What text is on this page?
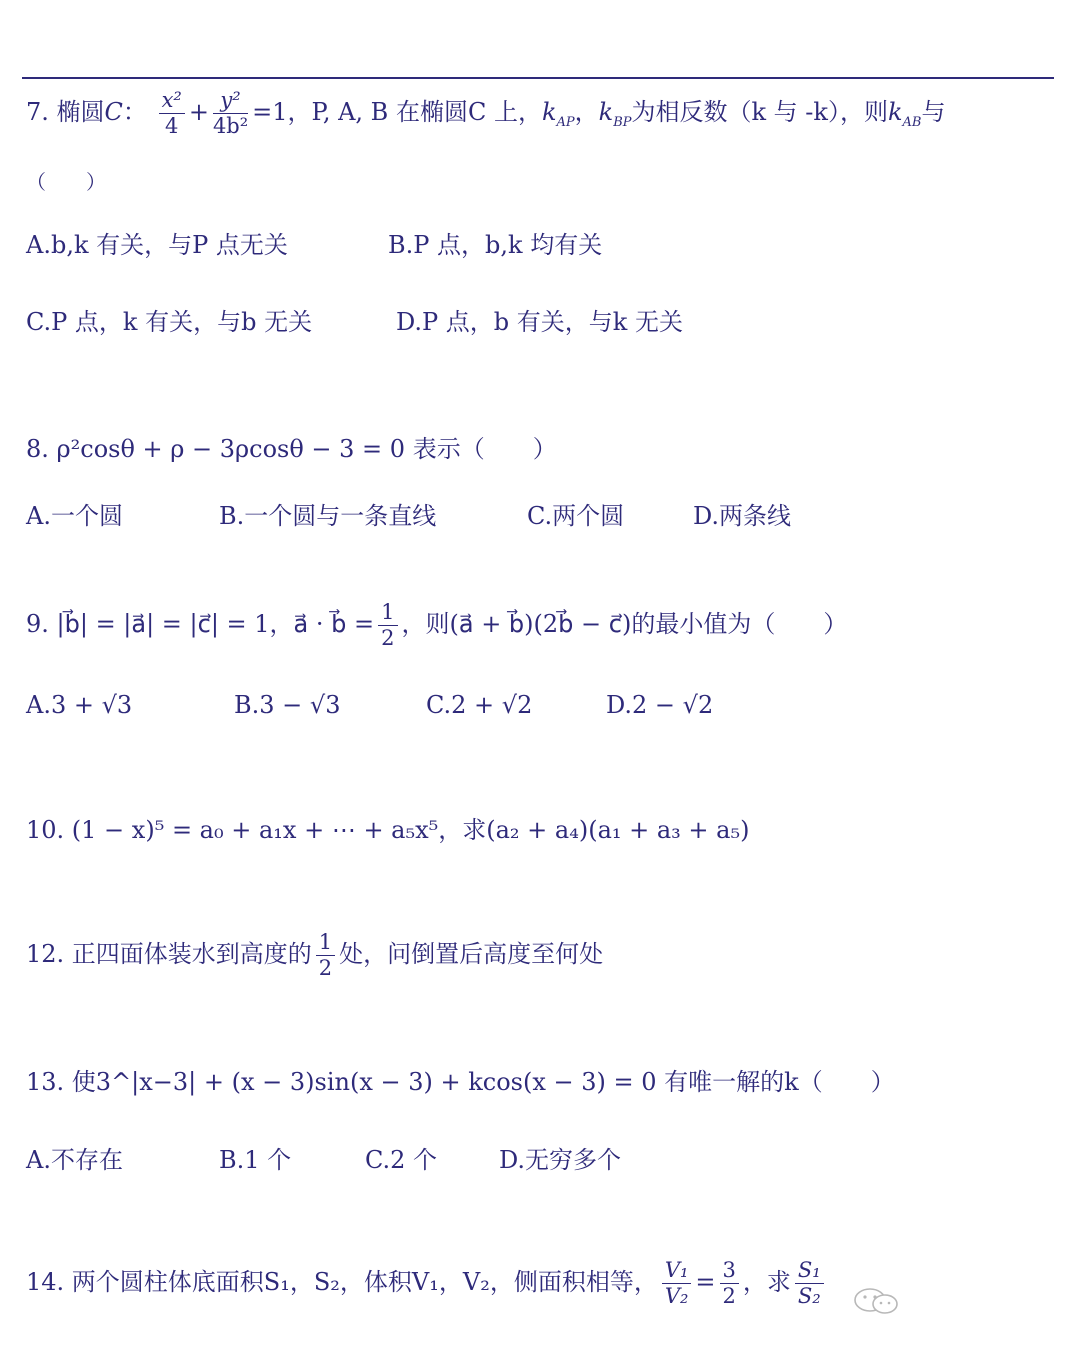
7. 椭圆C： $\frac{\text{x²}}{4} + \frac{\text{y²}}{\text{4b²}} =1$，P, A, B 在椭圆C 上，$k_{AP}$，$k_{BP}$为相反数（k 与 -k），则$k_{AB}$与
（　　）
A.b,k 有关，与P 点无关	B.P 点，b,k 均有关
C.P 点，k 有关，与b 无关	D.P 点，b 有关，与k 无关
8. ρ²cosθ + ρ − 3ρcosθ − 3 = 0 表示（　　）
A.一个圆	B.一个圆与一条直线	C.两个圆	D.两条线
9. |b⃗| = |a⃗| = |c⃗| = 1，a⃗ · b⃗ = $\frac{1}{2}$ ，则(a⃗ + b⃗)(2b⃗ − c⃗)的最小值为（　　）
A.3 + √3	B.3 − √3	C.2 + √2	D.2 − √2
10. (1 − x)⁵ = a₀ + a₁x + ⋯ + a₅x⁵，求(a₂ + a₄)(a₁ + a₃ + a₅)
12. 正四面体装水到高度的 $\frac{1}{2}$ 处，问倒置后高度至何处
13. 使3^|x−3| + (x − 3)sin(x − 3) + kcos(x − 3) = 0 有唯一解的k（　　）
A.不存在	B.1 个	C.2 个	D.无穷多个
14. 两个圆柱体底面积S₁，S₂，体积V₁，V₂，侧面积相等， $\frac{\text{V₁}}{\text{V₂}} = \frac{3}{2}$ ，求 $\frac{\text{S₁}}{\text{S₂}}$
